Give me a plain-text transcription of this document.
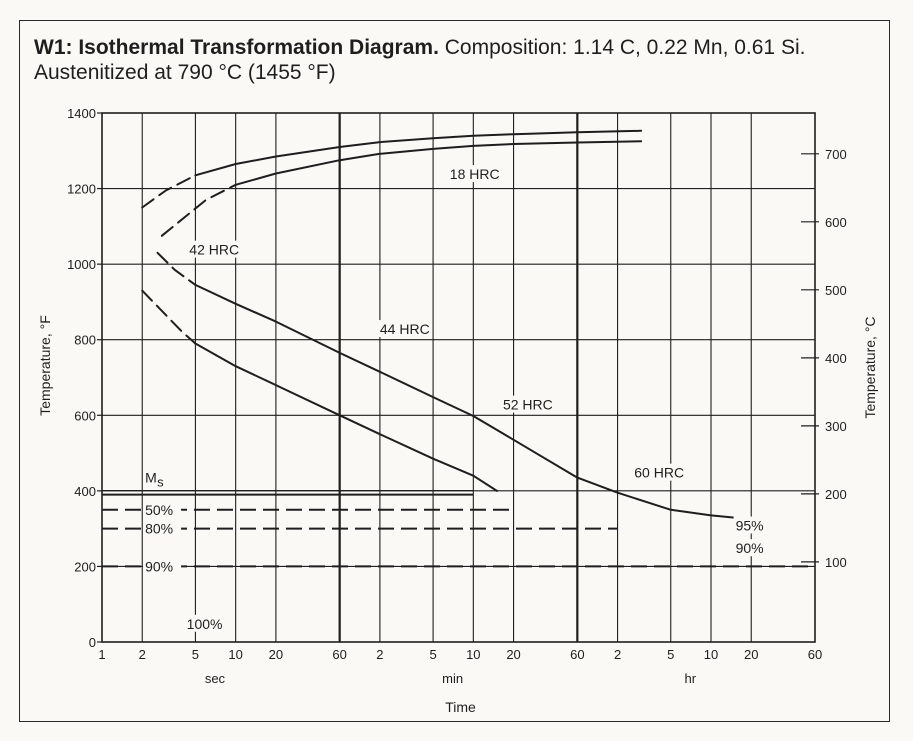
W1: Isothermal Transformation Diagram. Composition: 1.14 C, 0.22 Mn, 0.61 Si. Austenitized at 790 °C (1455 °F)
1	2	5 10 20	60 2	5 10 20	60 2	5 10 20	60
sec	min	hr
0
200
400
600
800
1000
1200
1400
100
200
300
400
500
600
700
Time
Temperature, °F	Temperature, °C
M s
50%
80%
90%
18 HRC
42 HRC
44 HRC
52 HRC
60 HRC
95%
90%
100%
